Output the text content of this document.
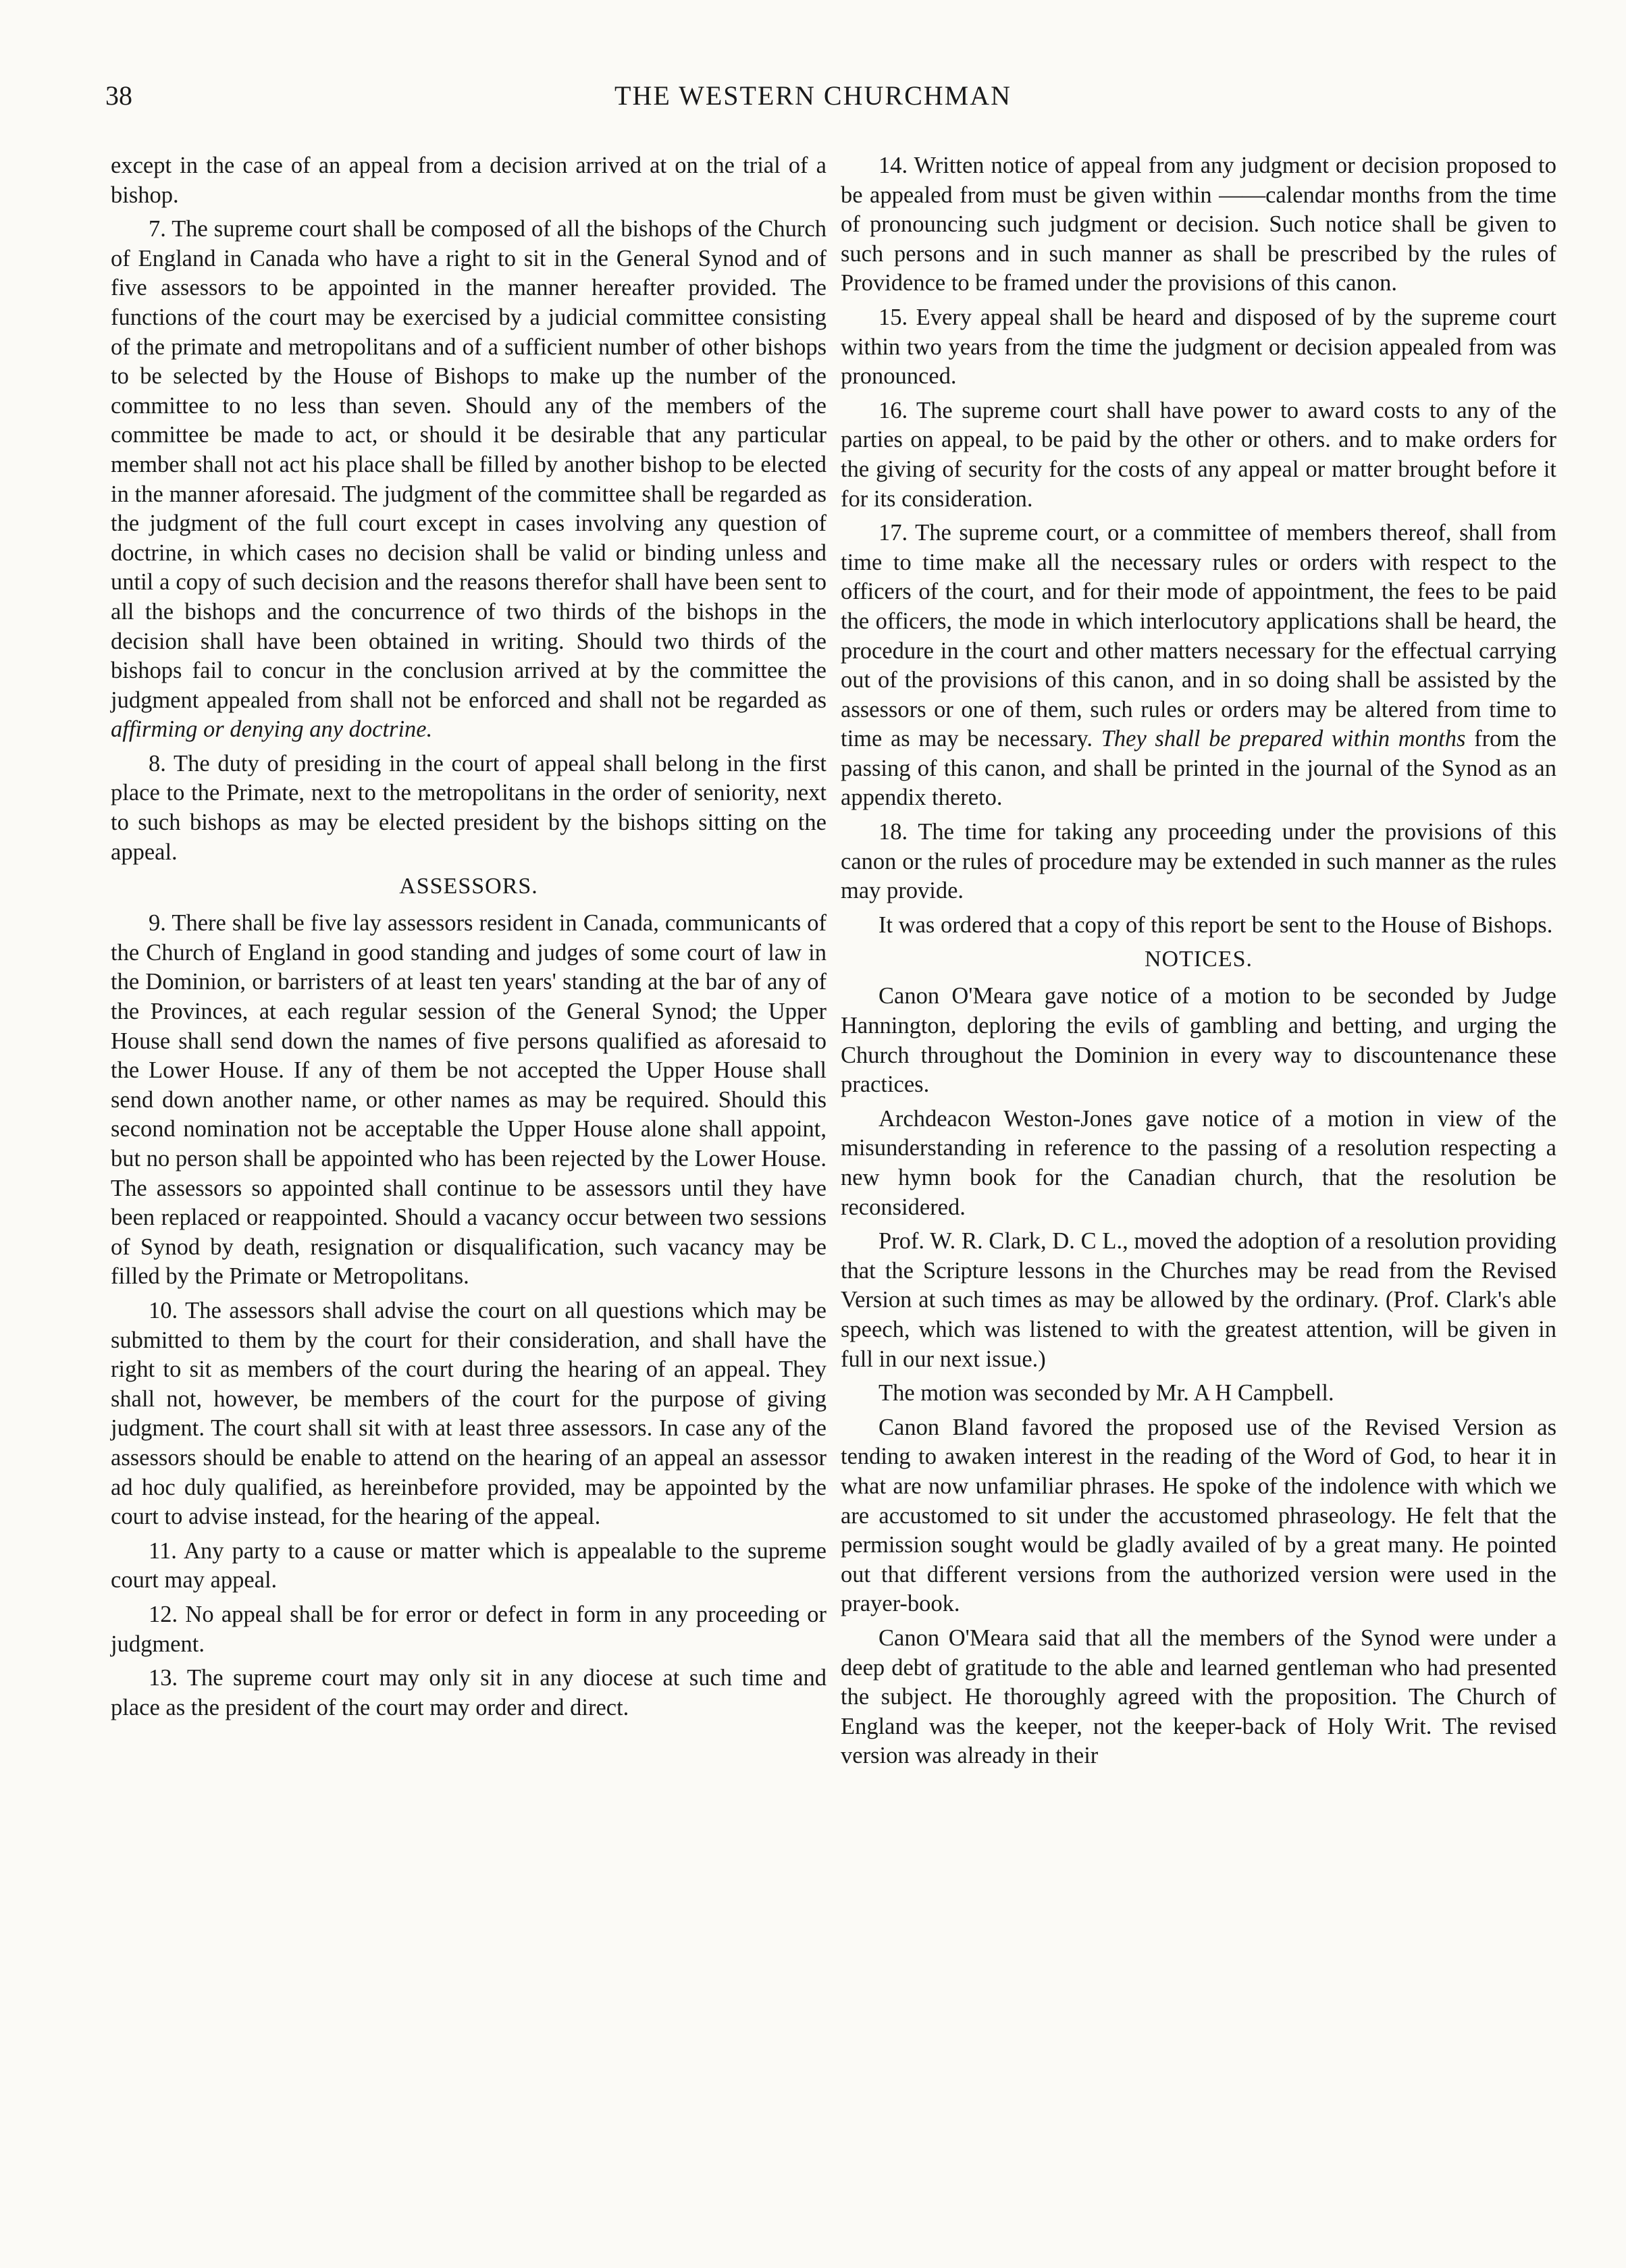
38	THE WESTERN CHURCHMAN

except in the case of an appeal from a decision arrived at on the trial of a bishop.

7. The supreme court shall be composed of all the bishops of the Church of England in Canada who have a right to sit in the General Synod and of five assessors to be appointed in the manner hereafter provided. The functions of the court may be exercised by a judicial committee consisting of the primate and metropolitans and of a sufficient number of other bishops to be selected by the House of Bishops to make up the number of the committee to no less than seven. Should any of the members of the committee be made to act, or should it be desirable that any particular member shall not act his place shall be filled by another bishop to be elected in the manner aforesaid. The judgment of the committee shall be regarded as the judgment of the full court except in cases involving any question of doctrine, in which cases no decision shall be valid or binding unless and until a copy of such decision and the reasons therefor shall have been sent to all the bishops and the concurrence of two thirds of the bishops in the decision shall have been obtained in writing. Should two thirds of the bishops fail to concur in the conclusion arrived at by the committee the judgment appealed from shall not be enforced and shall not be regarded as affirming or denying any doctrine.

8. The duty of presiding in the court of appeal shall belong in the first place to the Primate, next to the metropolitans in the order of seniority, next to such bishops as may be elected president by the bishops sitting on the appeal.

ASSESSORS.

9. There shall be five lay assessors resident in Canada, communicants of the Church of England in good standing and judges of some court of law in the Dominion, or barristers of at least ten years' standing at the bar of any of the Provinces, at each regular session of the General Synod; the Upper House shall send down the names of five persons qualified as aforesaid to the Lower House. If any of them be not accepted the Upper House shall send down another name, or other names as may be required. Should this second nomination not be acceptable the Upper House alone shall appoint, but no person shall be appointed who has been rejected by the Lower House. The assessors so appointed shall continue to be assessors until they have been replaced or reappointed. Should a vacancy occur between two sessions of Synod by death, resignation or disqualification, such vacancy may be filled by the Primate or Metropolitans.

10. The assessors shall advise the court on all questions which may be submitted to them by the court for their consideration, and shall have the right to sit as members of the court during the hearing of an appeal. They shall not, however, be members of the court for the purpose of giving judgment. The court shall sit with at least three assessors. In case any of the assessors should be enable to attend on the hearing of an appeal an assessor ad hoc duly qualified, as hereinbefore provided, may be appointed by the court to advise instead, for the hearing of the appeal.

11. Any party to a cause or matter which is appealable to the supreme court may appeal.

12. No appeal shall be for error or defect in form in any proceeding or judgment.

13. The supreme court may only sit in any diocese at such time and place as the president of the court may order and direct.

14. Written notice of appeal from any judgment or decision proposed to be appealed from must be given within ——calendar months from the time of pronouncing such judgment or decision. Such notice shall be given to such persons and in such manner as shall be prescribed by the rules of Providence to be framed under the provisions of this canon.

15. Every appeal shall be heard and disposed of by the supreme court within two years from the time the judgment or decision appealed from was pronounced.

16. The supreme court shall have power to award costs to any of the parties on appeal, to be paid by the other or others. and to make orders for the giving of security for the costs of any appeal or matter brought before it for its consideration.

17. The supreme court, or a committee of members thereof, shall from time to time make all the necessary rules or orders with respect to the officers of the court, and for their mode of appointment, the fees to be paid the officers, the mode in which interlocutory applications shall be heard, the procedure in the court and other matters necessary for the effectual carrying out of the provisions of this canon, and in so doing shall be assisted by the assessors or one of them, such rules or orders may be altered from time to time as may be necessary. They shall be prepared within months from the passing of this canon, and shall be printed in the journal of the Synod as an appendix thereto.

18. The time for taking any proceeding under the provisions of this canon or the rules of procedure may be extended in such manner as the rules may provide.

It was ordered that a copy of this report be sent to the House of Bishops.

NOTICES.

Canon O'Meara gave notice of a motion to be seconded by Judge Hannington, deploring the evils of gambling and betting, and urging the Church throughout the Dominion in every way to discountenance these practices.

Archdeacon Weston-Jones gave notice of a motion in view of the misunderstanding in reference to the passing of a resolution respecting a new hymn book for the Canadian church, that the resolution be reconsidered.

Prof. W. R. Clark, D. C L., moved the adoption of a resolution providing that the Scripture lessons in the Churches may be read from the Revised Version at such times as may be allowed by the ordinary. (Prof. Clark's able speech, which was listened to with the greatest attention, will be given in full in our next issue.)

The motion was seconded by Mr. A H Campbell.

Canon Bland favored the proposed use of the Revised Version as tending to awaken interest in the reading of the Word of God, to hear it in what are now unfamiliar phrases. He spoke of the indolence with which we are accustomed to sit under the accustomed phraseology. He felt that the permission sought would be gladly availed of by a great many. He pointed out that different versions from the authorized version were used in the prayer-book.

Canon O'Meara said that all the members of the Synod were under a deep debt of gratitude to the able and learned gentleman who had presented the subject. He thoroughly agreed with the proposition. The Church of England was the keeper, not the keeper-back of Holy Writ. The revised version was already in their
